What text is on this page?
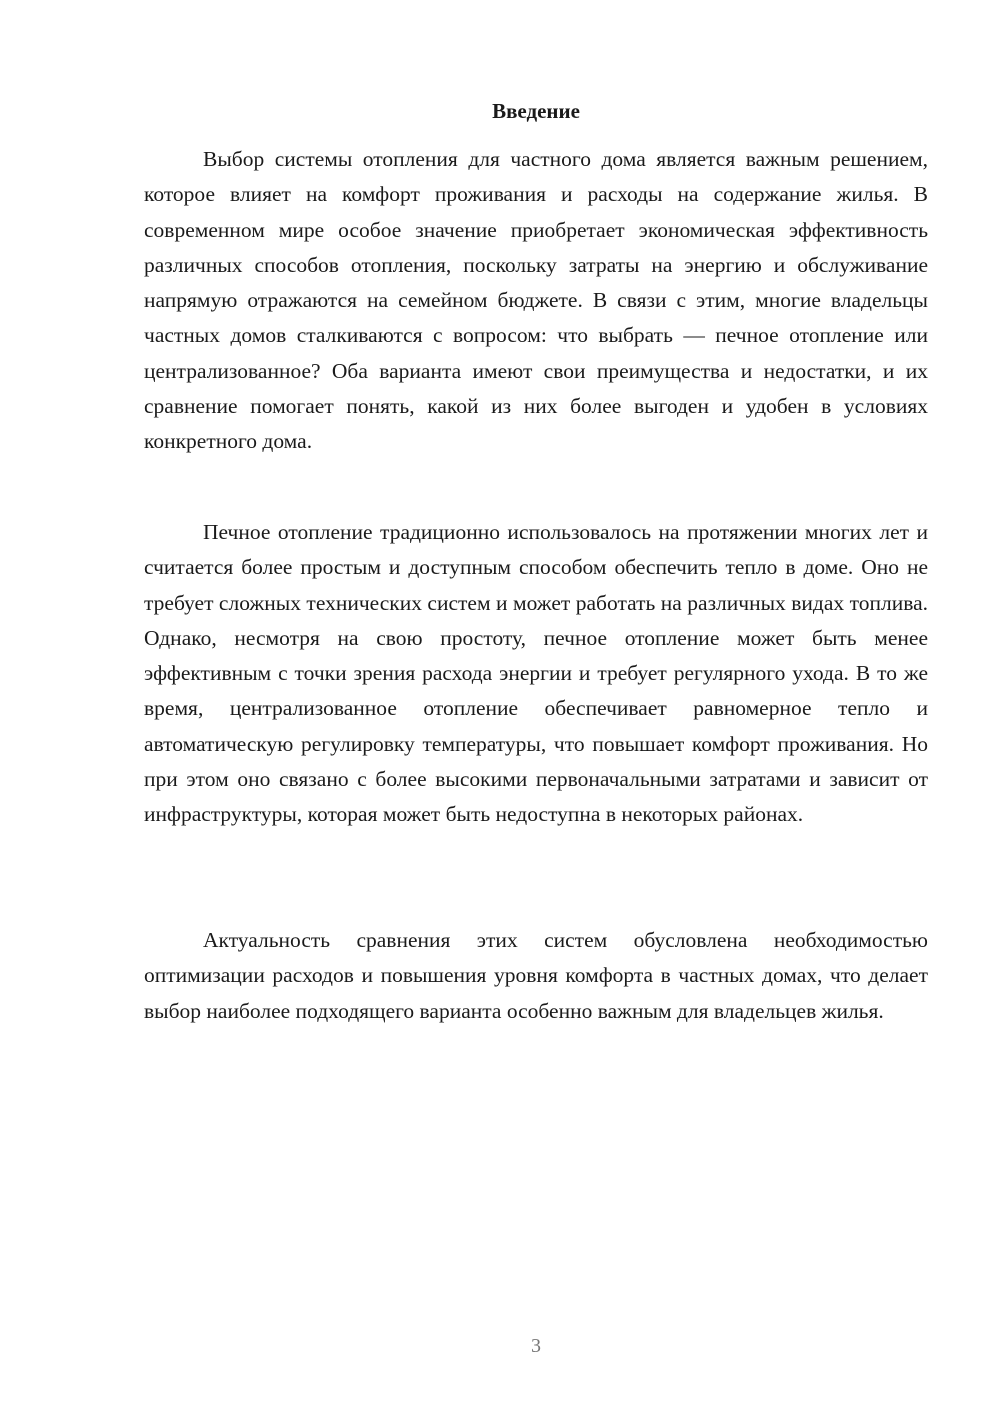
Введение

Выбор системы отопления для частного дома является важным решением, которое влияет на комфорт проживания и расходы на содержание жилья. В современном мире особое значение приобретает экономическая эффективность различных способов отопления, поскольку затраты на энергию и обслуживание напрямую отражаются на семейном бюджете. В связи с этим, многие владельцы частных домов сталкиваются с вопросом: что выбрать — печное отопление или централизованное? Оба варианта имеют свои преимущества и недостатки, и их сравнение помогает понять, какой из них более выгоден и удобен в условиях конкретного дома.

Печное отопление традиционно использовалось на протяжении многих лет и считается более простым и доступным способом обеспечить тепло в доме. Оно не требует сложных технических систем и может работать на различных видах топлива. Однако, несмотря на свою простоту, печное отопление может быть менее эффективным с точки зрения расхода энергии и требует регулярного ухода. В то же время, централизованное отопление обеспечивает равномерное тепло и автоматическую регулировку температуры, что повышает комфорт проживания. Но при этом оно связано с более высокими первоначальными затратами и зависит от инфраструктуры, которая может быть недоступна в некоторых районах.

Актуальность сравнения этих систем обусловлена необходимостью оптимизации расходов и повышения уровня комфорта в частных домах, что делает выбор наиболее подходящего варианта особенно важным для владельцев жилья.

3
